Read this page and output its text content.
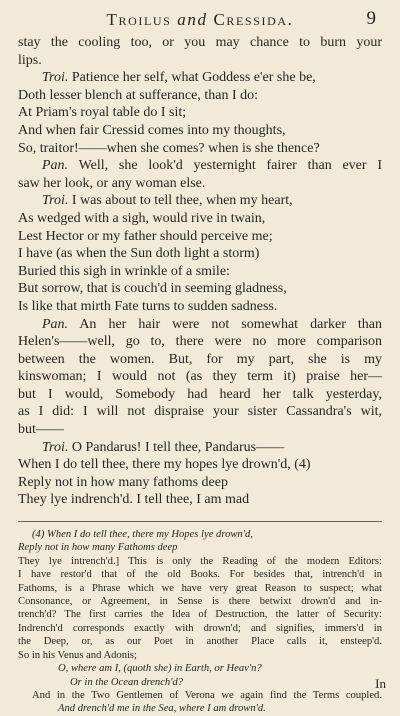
Troilus and Cressida.	9
stay the cooling too, or you may chance to burn your
lips.
Troi. Patience her self, what Goddess e'er she be,
Doth lesser blench at sufferance, than I do:
At Priam's royal table do I sit;
And when fair Cressid comes into my thoughts,
So, traitor!——when she comes? when is she thence?
Pan. Well, she look'd yesternight fairer than ever I
saw her look, or any woman else.
Troi. I was about to tell thee, when my heart,
As wedged with a sigh, would rive in twain,
Lest Hector or my father should perceive me;
I have (as when the Sun doth light a storm)
Buried this sigh in wrinkle of a smile:
But sorrow, that is couch'd in seeming gladness,
Is like that mirth Fate turns to sudden sadness.
Pan. An her hair were not somewhat darker than
Helen's——well, go to, there were no more comparison
between the women. But, for my part, she is my
kinswoman; I would not (as they term it) praise her—
but I would, Somebody had heard her talk yesterday,
as I did: I will not dispraise your sister Cassandra's wit,
but——
Troi. O Pandarus! I tell thee, Pandarus——
When I do tell thee, there my hopes lye drown'd, (4)
Reply not in how many fathoms deep
They lye indrench'd. I tell thee, I am mad
(4) When I do tell thee, there my Hopes lye drown'd,
Reply not in how many Fathoms deep
They lye intrench'd.] This is only the Reading of the modern Editors:
I have restor'd that of the old Books. For besides that, intrench'd in
Fathoms, is a Phrase which we have very great Reason to suspect; what
Consonance, or Agreement, in Sense is there betwixt drown'd and in-
trench'd? The first carries the Idea of Destruction, the latter of Security:
Indrench'd corresponds exactly with drown'd; and signifies, immers'd in
the Deep, or, as our Poet in another Place calls it, ensteep'd.
So in his Venus and Adonis;
O, where am I, (quoth she) in Earth, or Heav'n?
Or in the Ocean drench'd?
And in the Two Gentlemen of Verona we again find the Terms coupled.
And drench'd me in the Sea, where I am drown'd.
In
